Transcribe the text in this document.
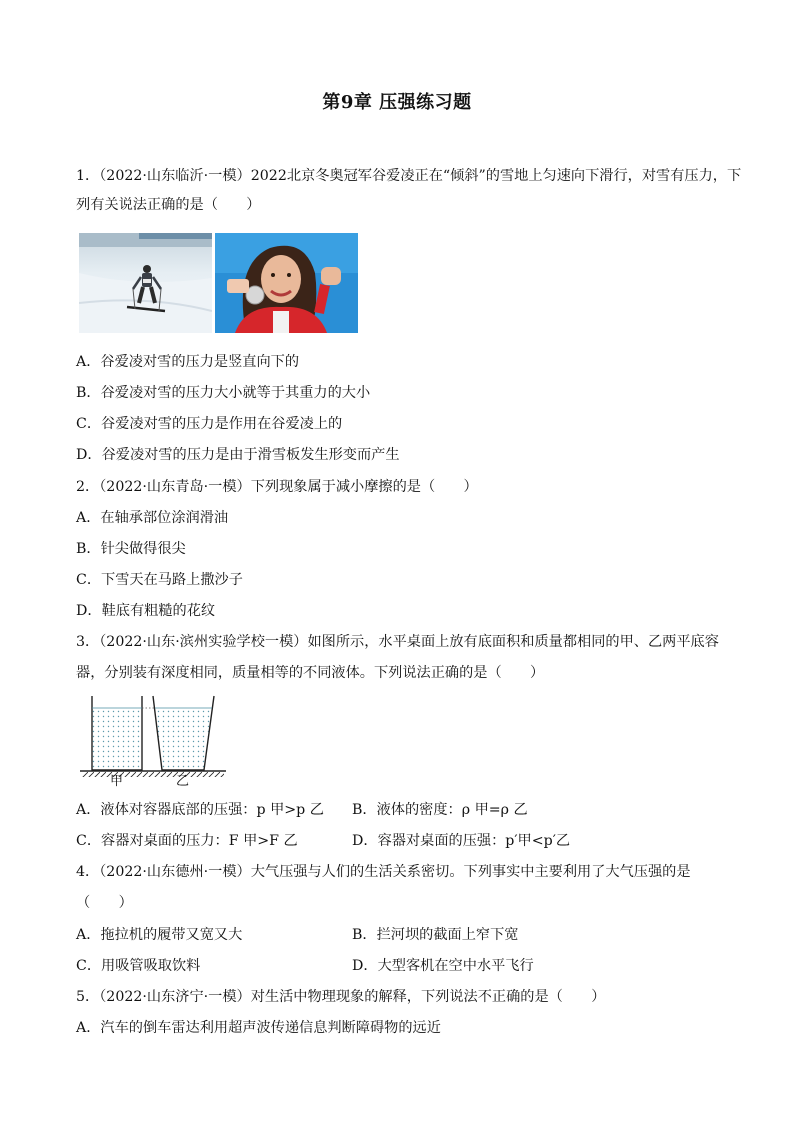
第9章 压强练习题
1．（2022·山东临沂·一模）2022北京冬奥冠军谷爱凌正在“倾斜”的雪地上匀速向下滑行，对雪有压力，下
列有关说法正确的是（　　）
A．谷爱凌对雪的压力是竖直向下的
B．谷爱凌对雪的压力大小就等于其重力的大小
C．谷爱凌对雪的压力是作用在谷爱凌上的
D．谷爱凌对雪的压力是由于滑雪板发生形变而产生
2．（2022·山东青岛·一模）下列现象属于减小摩擦的是（　　）
A．在轴承部位涂润滑油
B．针尖做得很尖
C．下雪天在马路上撒沙子
D．鞋底有粗糙的花纹
3．（2022·山东·滨州实验学校一模）如图所示，水平桌面上放有底面积和质量都相同的甲、乙两平底容
器，分别装有深度相同，质量相等的不同液体。下列说法正确的是（　　）
甲	乙
A．液体对容器底部的压强：p 甲>p 乙 B．液体的密度：ρ 甲=ρ 乙
C．容器对桌面的压力：F 甲>F 乙	D．容器对桌面的压强：p′甲<p′乙
4．（2022·山东德州·一模）大气压强与人们的生活关系密切。下列事实中主要利用了大气压强的是
（　　）
A．拖拉机的履带又宽又大	B．拦河坝的截面上窄下宽
C．用吸管吸取饮料	D．大型客机在空中水平飞行
5．（2022·山东济宁·一模）对生活中物理现象的解释，下列说法不正确的是（　　）
A．汽车的倒车雷达利用超声波传递信息判断障碍物的远近
